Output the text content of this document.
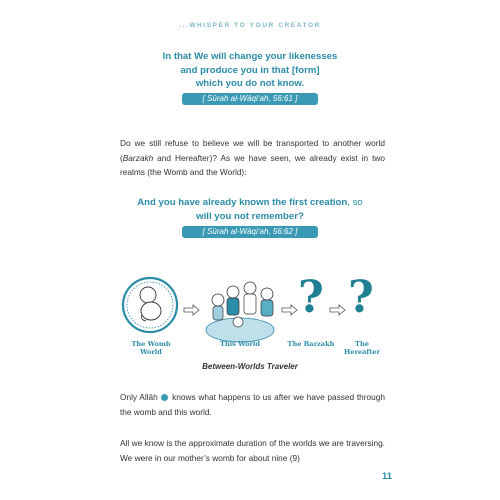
...WHISPER TO YOUR CREATOR
In that We will change your likenesses
and produce you in that [form]
which you do not know.
[ Sūrah al-Wāqi‘ah, 56:61 ]
Do we still refuse to believe we will be transported to another world (Barzakh and Hereafter)? As we have seen, we already exist in two realms (the Womb and the World):
And you have already known the first creation, so
will you not remember?
[ Sūrah al-Wāqi‘ah, 56:62 ]
? ?
The Womb World
This World	The Barzakh	The Hereafter
Between-Worlds Traveler
Only Allāh  knows what happens to us after we have passed through the womb and this world.
All we know is the approximate duration of the worlds we are traversing. We were in our mother’s womb for about nine (9)
11
